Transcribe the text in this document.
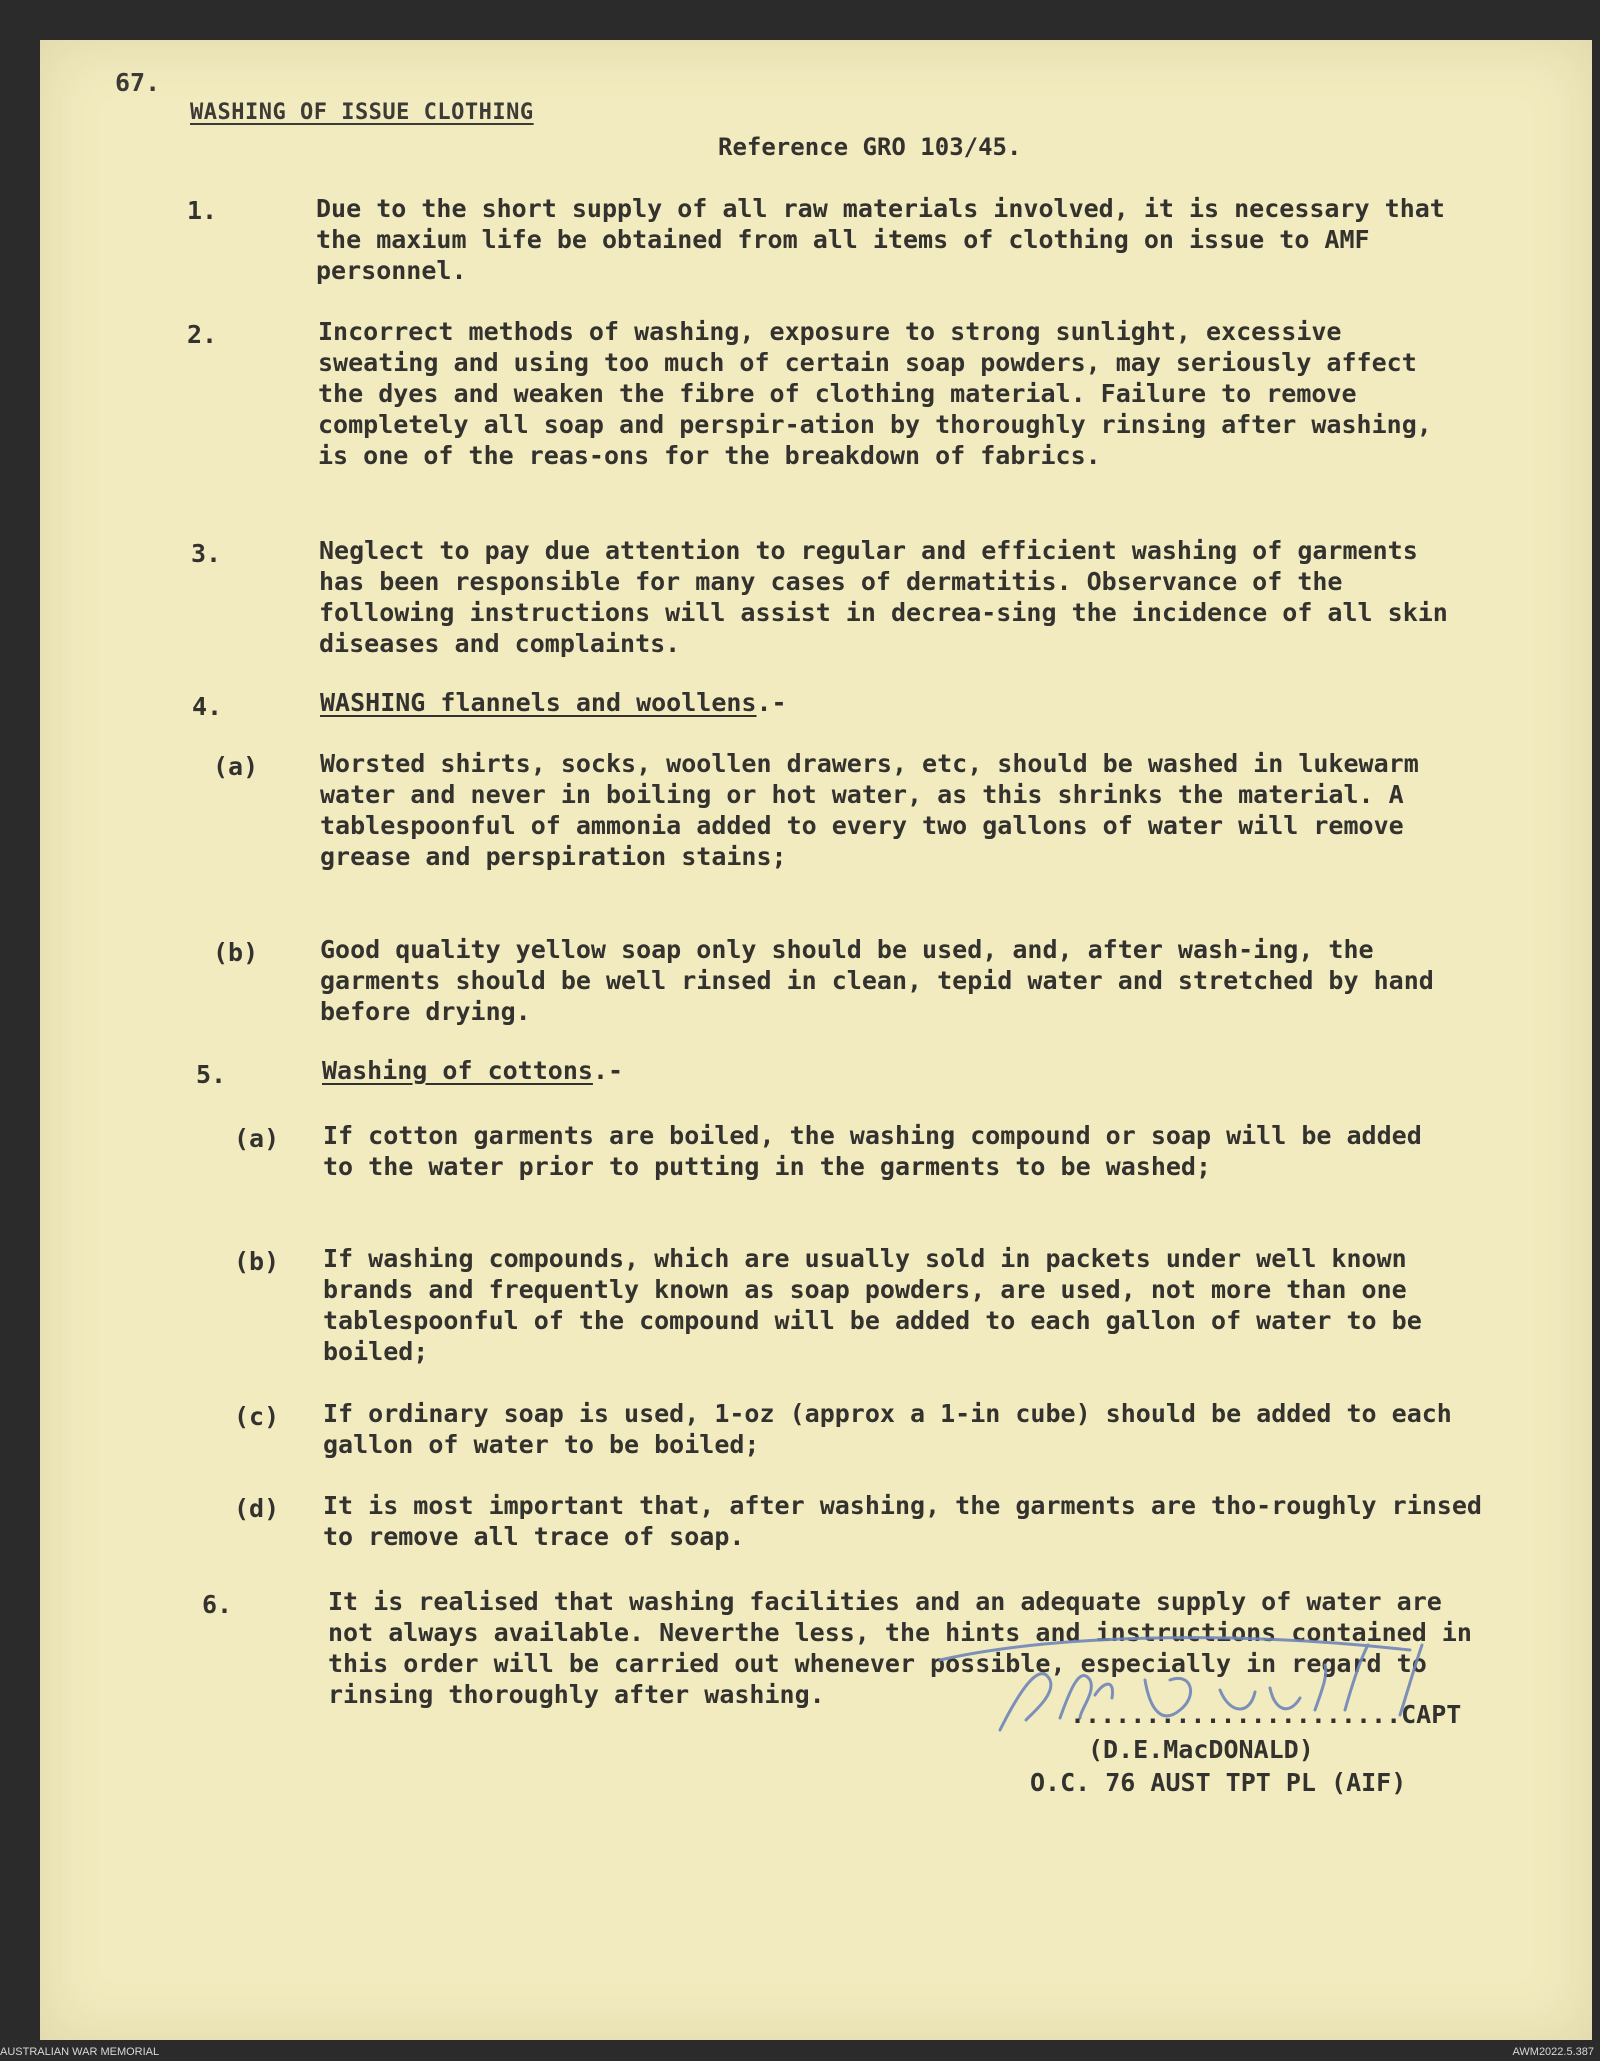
67.
WASHING OF ISSUE CLOTHING
Reference GRO 103/45.
1.	Due to the short supply of all raw materials involved, it is necessary that the maxium life be obtained from all items of clothing on issue to AMF personnel.

2.	Incorrect methods of washing, exposure to strong sunlight, excessive sweating and using too much of certain soap powders, may seriously affect the dyes and weaken the fibre of clothing material. Failure to remove completely all soap and perspir-ation by thoroughly rinsing after washing, is one of the reas-ons for the breakdown of fabrics.

3.	Neglect to pay due attention to regular and efficient washing of garments has been responsible for many cases of dermatitis. Observance of the following instructions will assist in decrea-sing the incidence of all skin diseases and complaints.

4.	WASHING flannels and woollens.-
(a) Worsted shirts, socks, woollen drawers, etc, should be washed in lukewarm water and never in boiling or hot water, as this shrinks the material. A tablespoonful of ammonia added to every two gallons of water will remove grease and perspiration stains;

(b) Good quality yellow soap only should be used, and, after wash-ing, the garments should be well rinsed in clean, tepid water and stretched by hand before drying.

5.	Washing of cottons.-
(a) If cotton garments are boiled, the washing compound or soap will be added to the water prior to putting in the garments to be washed;

(b) If washing compounds, which are usually sold in packets under well known brands and frequently known as soap powders, are used, not more than one tablespoonful of the compound will be added to each gallon of water to be boiled;

(c) If ordinary soap is used, 1-oz (approx a 1-in cube) should be added to each gallon of water to be boiled;

(d) It is most important that, after washing, the garments are tho-roughly rinsed to remove all trace of soap.

6.	It is realised that washing facilities and an adequate supply of water are not always available. Neverthe less, the hints and instructions contained in this order will be carried out whenever possible, especially in regard to rinsing thoroughly after washing.

......................CAPT
(D.E.MacDONALD)
O.C. 76 AUST TPT PL (AIF)
AUSTRALIAN WAR MEMORIAL	AWM2022.5.387
